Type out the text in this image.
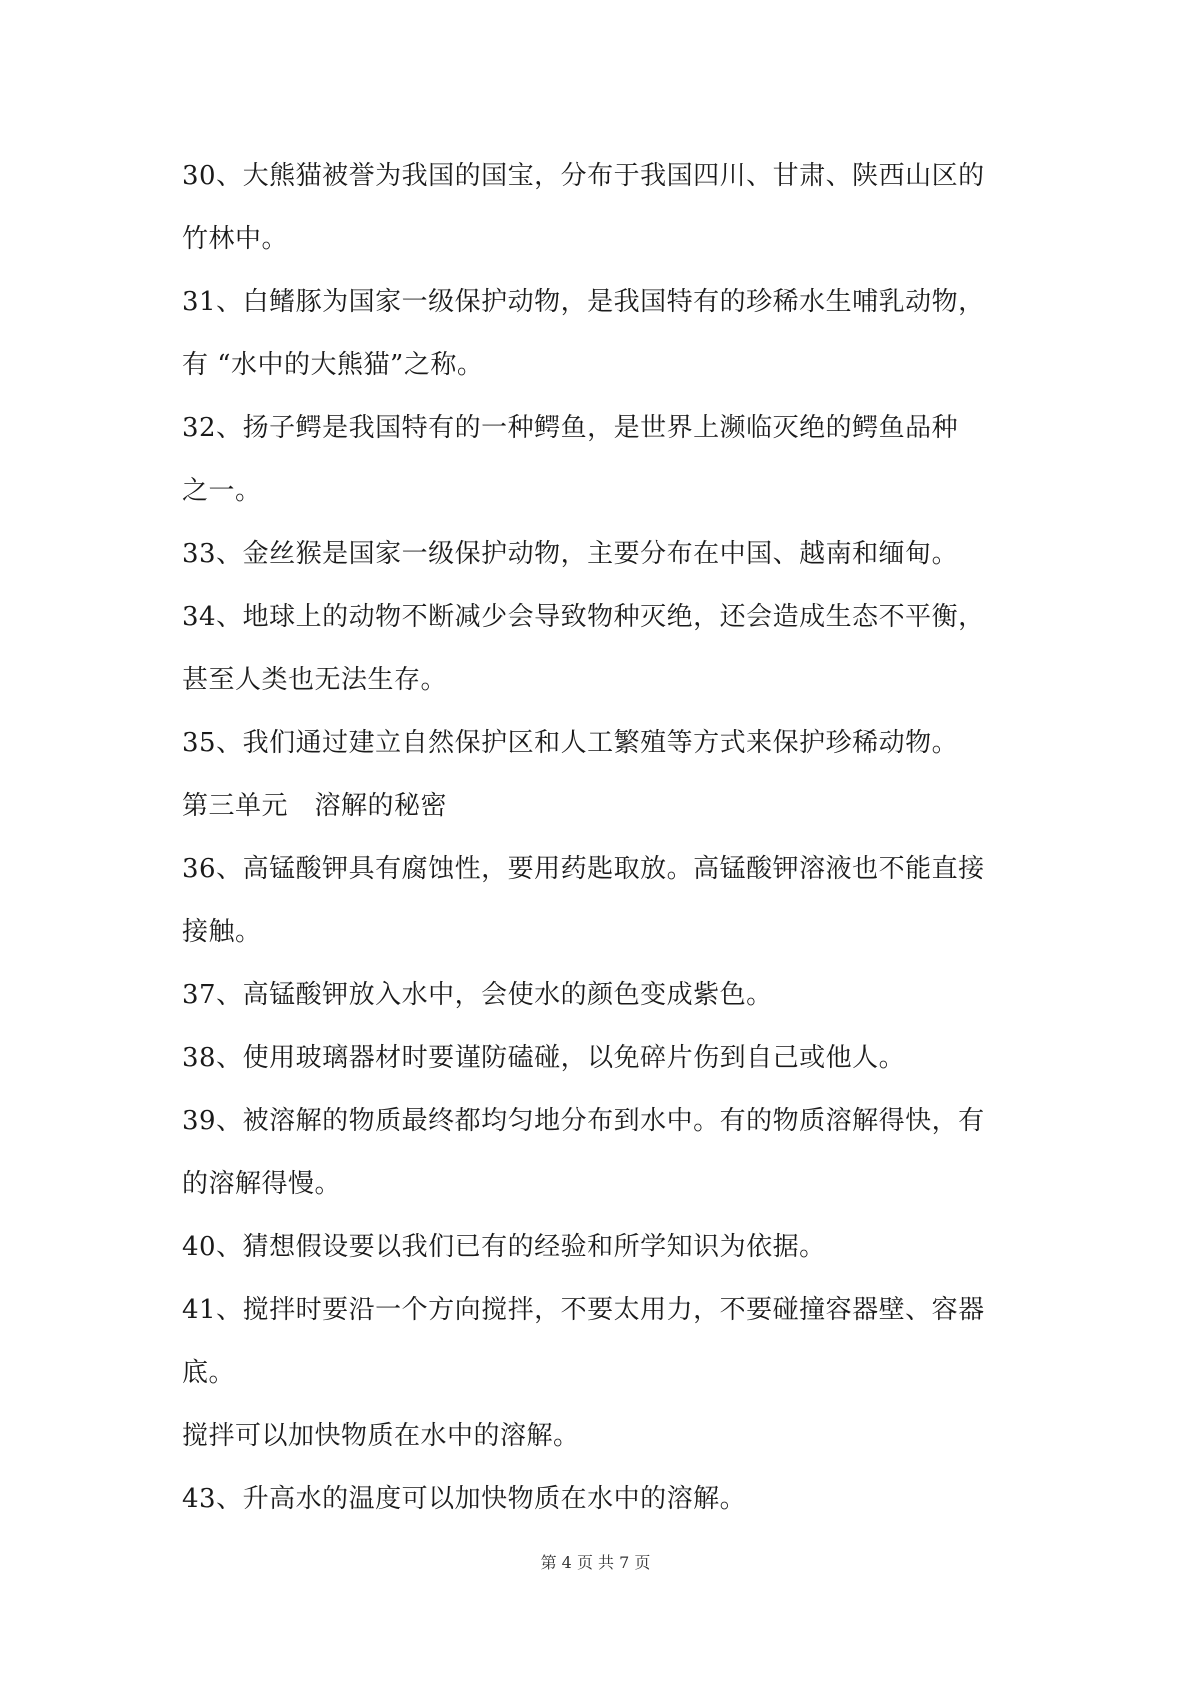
30、大熊猫被誉为我国的国宝，分布于我国四川、甘肃、陕西山区的
竹林中。
31、白鳍豚为国家一级保护动物，是我国特有的珍稀水生哺乳动物，
有 “水中的大熊猫”之称。
32、扬子鳄是我国特有的一种鳄鱼，是世界上濒临灭绝的鳄鱼品种
之一。
33、金丝猴是国家一级保护动物，主要分布在中国、越南和缅甸。
34、地球上的动物不断减少会导致物种灭绝，还会造成生态不平衡，
甚至人类也无法生存。
35、我们通过建立自然保护区和人工繁殖等方式来保护珍稀动物。
第三单元　溶解的秘密
36、高锰酸钾具有腐蚀性，要用药匙取放。高锰酸钾溶液也不能直接
接触。
37、高锰酸钾放入水中，会使水的颜色变成紫色。
38、使用玻璃器材时要谨防磕碰，以免碎片伤到自己或他人。
39、被溶解的物质最终都均匀地分布到水中。有的物质溶解得快，有
的溶解得慢。
40、猜想假设要以我们已有的经验和所学知识为依据。
41、搅拌时要沿一个方向搅拌，不要太用力，不要碰撞容器壁、容器
底。
搅拌可以加快物质在水中的溶解。
43、升高水的温度可以加快物质在水中的溶解。
第 4 页 共 7 页
